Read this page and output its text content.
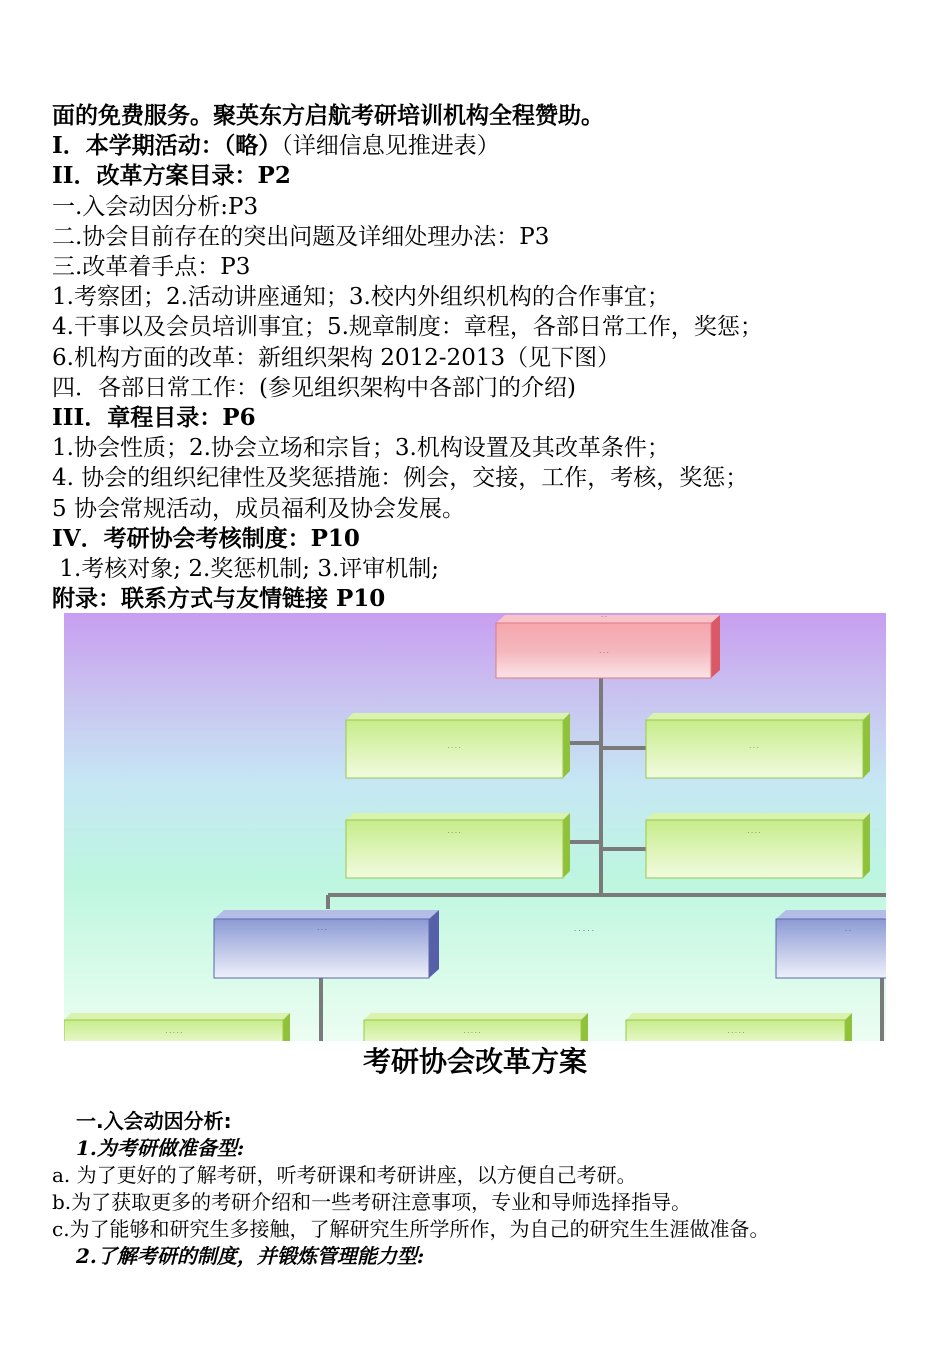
面的免费服务。聚英东方启航考研培训机构全程赞助。
I．本学期活动：（略）（详细信息见推进表）
II．改革方案目录：P2
一.入会动因分析:P3
二.协会目前存在的突出问题及详细处理办法：P3
三.改革着手点：P3
1.考察团；2.活动讲座通知；3.校内外组织机构的合作事宜；
4.干事以及会员培训事宜；5.规章制度：章程，各部日常工作，奖惩；
6.机构方面的改革：新组织架构 2012-2013（见下图）
四．各部日常工作：(参见组织架构中各部门的介绍)
III．章程目录：P6
1.协会性质；2.协会立场和宗旨；3.机构设置及其改革条件；
4. 协会的组织纪律性及奖惩措施：例会，交接，工作，考核，奖惩；
5 协会常规活动，成员福利及协会发展。
IV．考研协会考核制度：P10
1.考核对象; 2.奖惩机制; 3.评审机制;
附录：联系方式与友情链接 P10
· ·
· · ·
· · · ·	· · ·
· · · ·	· · · ·
· · ·	· · · · ·	· ·
· · · · ·	· · · · ·	· · · · ·
考研协会改革方案
一.入会动因分析:
1.为考研做准备型:
a. 为了更好的了解考研，听考研课和考研讲座，以方便自己考研。
b.为了获取更多的考研介绍和一些考研注意事项，专业和导师选择指导。
c.为了能够和研究生多接触，了解研究生所学所作，为自己的研究生生涯做准备。
2.了解考研的制度，并锻炼管理能力型:
